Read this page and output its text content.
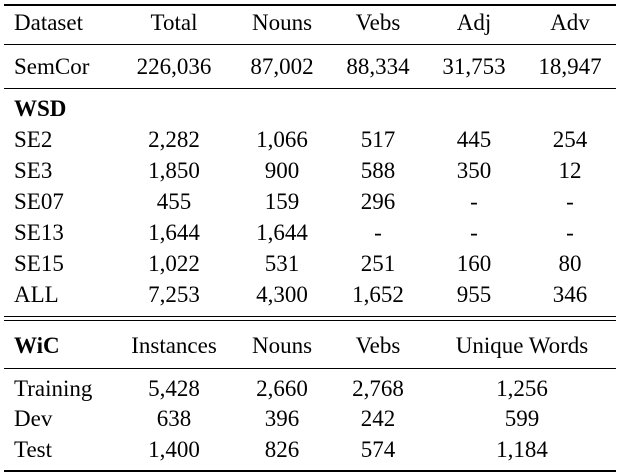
Dataset	Total	Nouns	Vebs	Adj	Adv
SemCor	226,036	87,002	88,334	31,753	18,947
WSD
SE2	2,282	1,066	517	445	254
SE3	1,850	900	588	350	12
SE07	455	159	296	-	-
SE13	1,644	1,644	-	-	-
SE15	1,022	531	251	160	80
ALL	7,253	4,300	1,652	955	346
WiC	Instances	Nouns	Vebs	Unique Words
Training	5,428	2,660	2,768	1,256
Dev	638	396	242	599
Test	1,400	826	574	1,184
